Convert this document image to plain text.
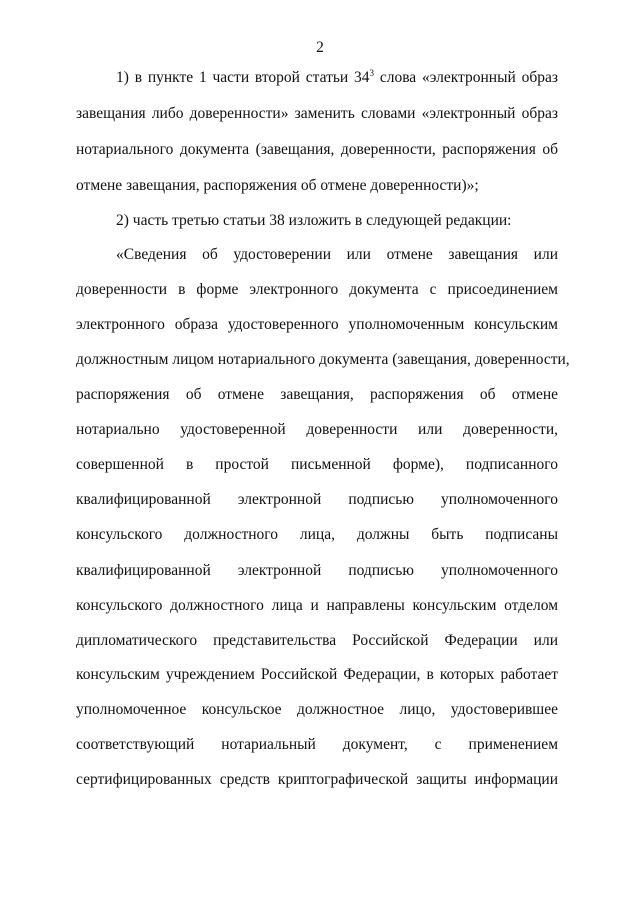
2
1) в пункте 1 части второй статьи $34^3$ слова «электронный образ
завещания либо доверенности» заменить словами «электронный образ
нотариального документа (завещания, доверенности, распоряжения об
отмене завещания, распоряжения об отмене доверенности)»;
2) часть третью статьи 38 изложить в следующей редакции:
«Сведения об удостоверении или отмене завещания или
доверенности в форме электронного документа с присоединением
электронного образа удостоверенного уполномоченным консульским
должностным лицом нотариального документа (завещания, доверенности,
распоряжения об отмене завещания, распоряжения об отмене
нотариально удостоверенной доверенности или доверенности,
совершенной в простой письменной форме), подписанного
квалифицированной электронной подписью уполномоченного
консульского должностного лица, должны быть подписаны
квалифицированной электронной подписью уполномоченного
консульского должностного лица и направлены консульским отделом
дипломатического представительства Российской Федерации или
консульским учреждением Российской Федерации, в которых работает
уполномоченное консульское должностное лицо, удостоверившее
соответствующий нотариальный документ, с применением
сертифицированных средств криптографической защиты информации
